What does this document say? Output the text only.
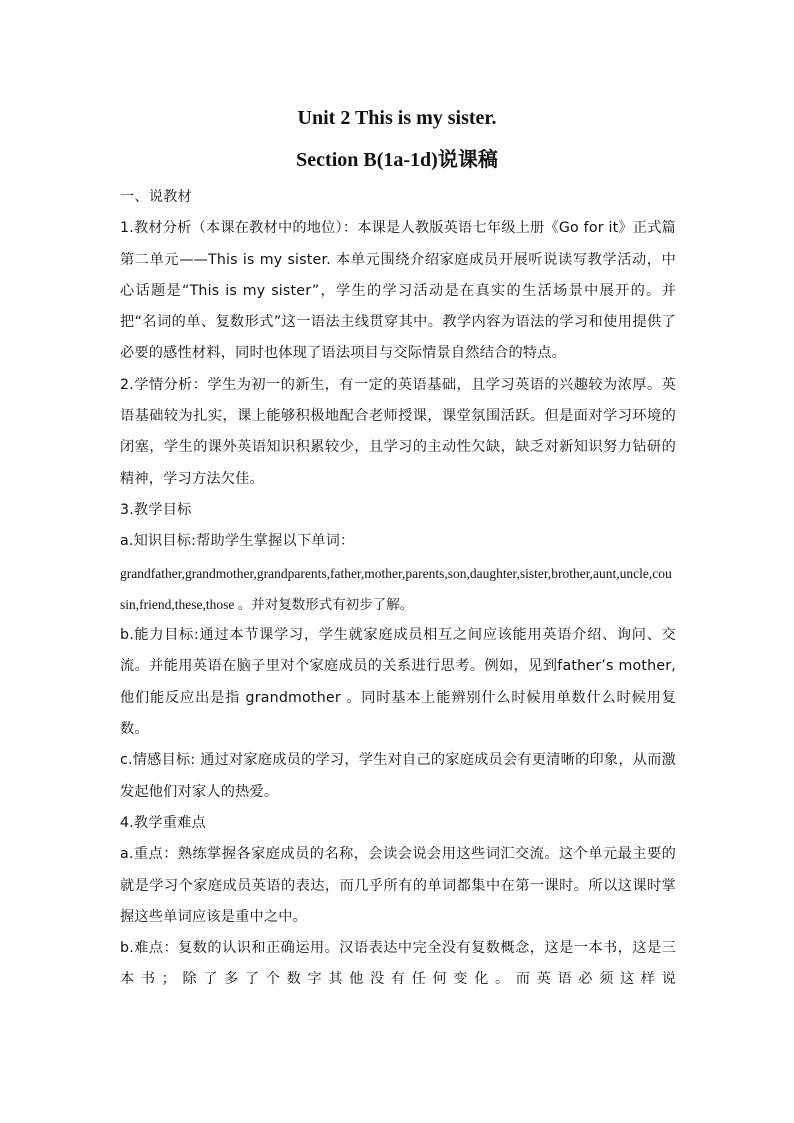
Unit 2 This is my sister.
Section B(1a-1d)说课稿

一、说教材

1.教材分析（本课在教材中的地位）：本课是人教版英语七年级上册《Go for it》正式篇第二单元——This is my sister. 本单元围绕介绍家庭成员开展听说读写教学活动，中心话题是“This is my sister”，学生的学习活动是在真实的生活场景中展开的。并把“名词的单、复数形式”这一语法主线贯穿其中。教学内容为语法的学习和使用提供了必要的感性材料，同时也体现了语法项目与交际情景自然结合的特点。

2.学情分析：学生为初一的新生，有一定的英语基础，且学习英语的兴趣较为浓厚。英语基础较为扎实，课上能够积极地配合老师授课，课堂氛围活跃。但是面对学习环境的闭塞，学生的课外英语知识积累较少，且学习的主动性欠缺，缺乏对新知识努力钻研的精神，学习方法欠佳。

3.教学目标

a.知识目标:帮助学生掌握以下单词：

grandfather,grandmother,grandparents,father,mother,parents,son,daughter,sister,brother,aunt,uncle,cousin,friend,these,those 。并对复数形式有初步了解。

b.能力目标:通过本节课学习，学生就家庭成员相互之间应该能用英语介绍、询问、交流。并能用英语在脑子里对个家庭成员的关系进行思考。例如，见到father’s mother, 他们能反应出是指 grandmother 。同时基本上能辨别什么时候用单数什么时候用复数。

c.情感目标: 通过对家庭成员的学习，学生对自己的家庭成员会有更清晰的印象，从而激发起他们对家人的热爱。

4.教学重难点

a.重点：熟练掌握各家庭成员的名称，会读会说会用这些词汇交流。这个单元最主要的就是学习个家庭成员英语的表达，而几乎所有的单词都集中在第一课时。所以这课时掌握这些单词应该是重中之中。

b.难点：复数的认识和正确运用。汉语表达中完全没有复数概念，这是一本书，这是三本书；除了多了个数字其他没有任何变化。而英语必须这样说
